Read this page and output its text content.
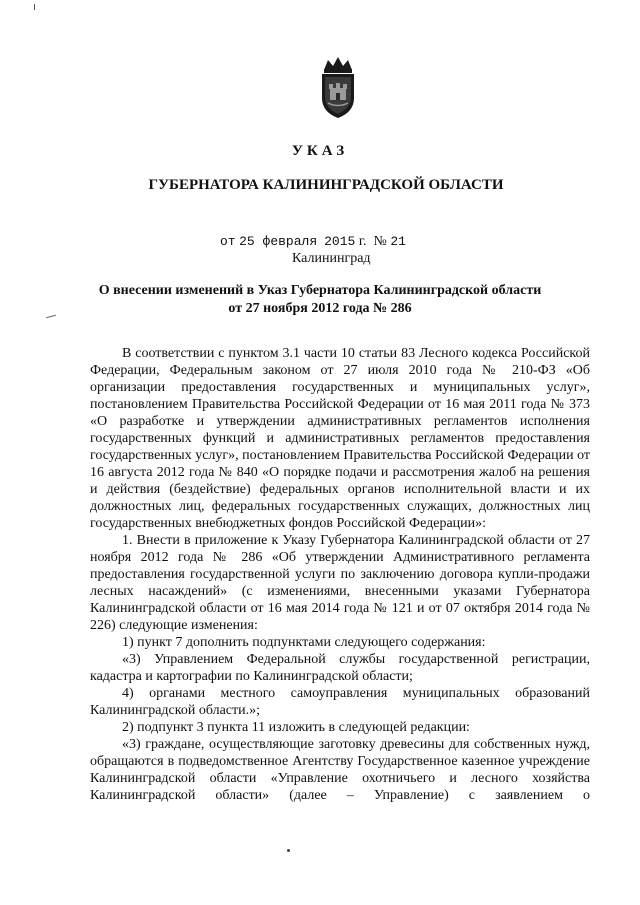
УКАЗ
ГУБЕРНАТОРА КАЛИНИНГРАДСКОЙ ОБЛАСТИ
от 25 февраля 2015 г. № 21
Калининград
О внесении изменений в Указ Губернатора Калининградской области
от 27 ноября 2012 года № 286

В соответствии с пунктом 3.1 части 10 статьи 83 Лесного кодекса Российской Федерации, Федеральным законом от 27 июля 2010 года № 210-ФЗ «Об организации предоставления государственных и муниципальных услуг», постановлением Правительства Российской Федерации от 16 мая 2011 года № 373 «О разработке и утверждении административных регламентов исполнения государственных функций и административных регламентов предоставления государственных услуг», постановлением Правительства Российской Федерации от 16 августа 2012 года № 840 «О порядке подачи и рассмотрения жалоб на решения и действия (бездействие) федеральных органов исполнительной власти и их должностных лиц, федеральных государственных служащих, должностных лиц государственных внебюджетных фондов Российской Федерации»:

1. Внести в приложение к Указу Губернатора Калининградской области от 27 ноября 2012 года № 286 «Об утверждении Административного регламента предоставления государственной услуги по заключению договора купли-продажи лесных насаждений» (с изменениями, внесенными указами Губернатора Калининградской области от 16 мая 2014 года № 121 и от 07 октября 2014 года № 226) следующие изменения:

1) пункт 7 дополнить подпунктами следующего содержания:

«3) Управлением Федеральной службы государственной регистрации, кадастра и картографии по Калининградской области;

4) органами местного самоуправления муниципальных образований Калининградской области.»;

2) подпункт 3 пункта 11 изложить в следующей редакции:

«3) граждане, осуществляющие заготовку древесины для собственных нужд, обращаются в подведомственное Агентству Государственное казенное учреждение Калининградской области «Управление охотничьего и лесного хозяйства Калининградской области» (далее – Управление) с заявлением о
